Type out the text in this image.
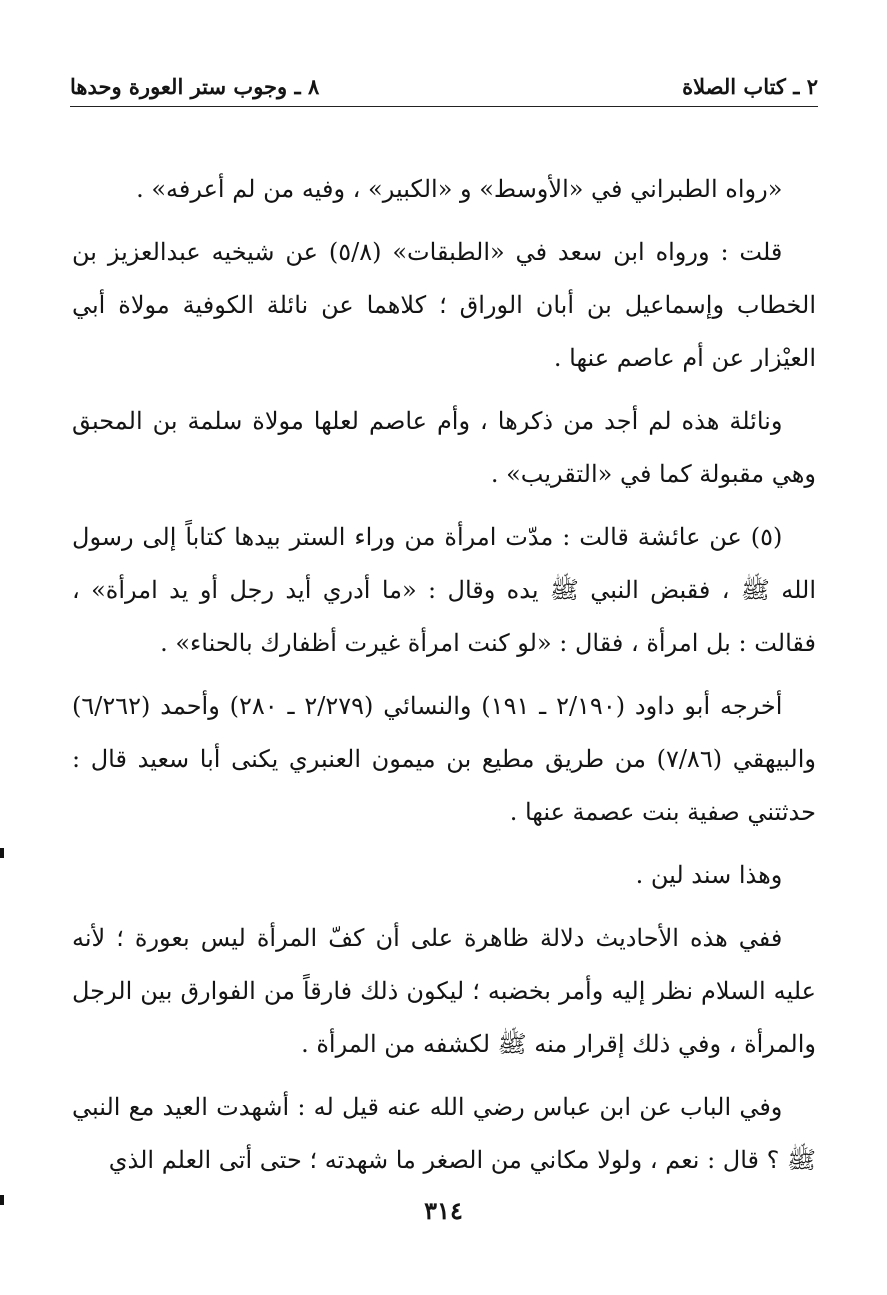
٢ ـ كتاب الصلاة
٨ ـ وجوب ستر العورة وحدها

«رواه الطبراني في «الأوسط» و «الكبير» ، وفيه من لم أعرفه» .

قلت : ورواه ابن سعد في «الطبقات» (٥/٨) عن شيخيه عبدالعزيز بن الخطاب وإسماعيل بن أبان الوراق ؛ كلاهما عن نائلة الكوفية مولاة أبي العيْزار عن أم عاصم عنها .

ونائلة هذه لم أجد من ذكرها ، وأم عاصم لعلها مولاة سلمة بن المحبق وهي مقبولة كما في «التقريب» .

(٥) عن عائشة قالت : مدّت امرأة من وراء الستر بيدها كتاباً إلى رسول الله ﷺ ، فقبض النبي ﷺ يده وقال : «ما أدري أيد رجل أو يد امرأة» ، فقالت : بل امرأة ، فقال : «لو كنت امرأة غيرت أظفارك بالحناء» .

أخرجه أبو داود (٢/١٩٠ ـ ١٩١) والنسائي (٢/٢٧٩ ـ ٢٨٠) وأحمد (٦/٢٦٢) والبيهقي (٧/٨٦) من طريق مطيع بن ميمون العنبري يكنى أبا سعيد قال : حدثتني صفية بنت عصمة عنها .

وهذا سند لين .

ففي هذه الأحاديث دلالة ظاهرة على أن كفّ المرأة ليس بعورة ؛ لأنه عليه السلام نظر إليه وأمر بخضبه ؛ ليكون ذلك فارقاً من الفوارق بين الرجل والمرأة ، وفي ذلك إقرار منه ﷺ لكشفه من المرأة .

وفي الباب عن ابن عباس رضي الله عنه قيل له : أشهدت العيد مع النبي ﷺ ؟ قال : نعم ، ولولا مكاني من الصغر ما شهدته ؛ حتى أتى العلم الذي

٣١٤
